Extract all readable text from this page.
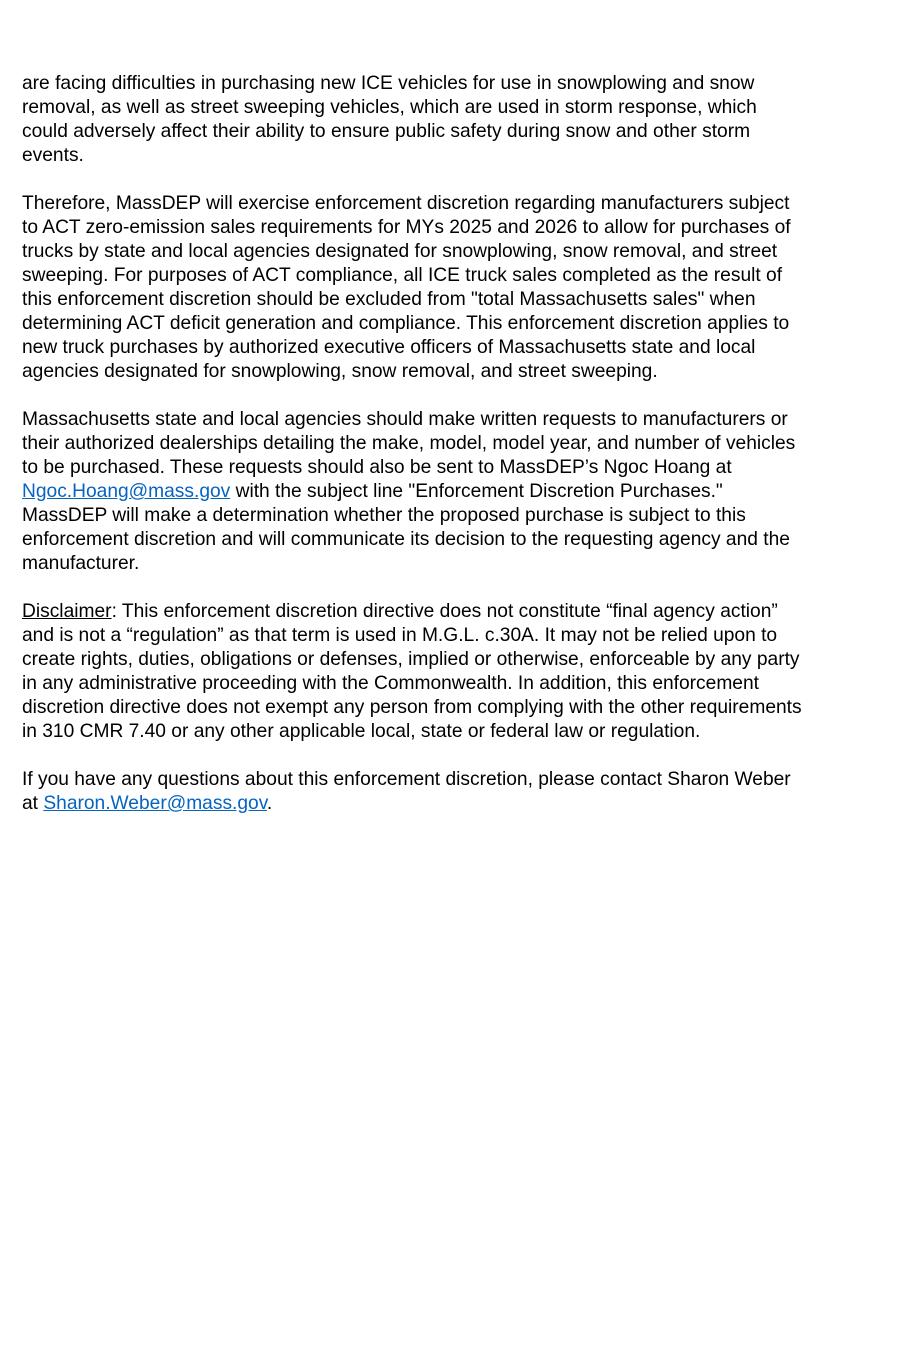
are facing difficulties in purchasing new ICE vehicles for use in snowplowing and snow
removal, as well as street sweeping vehicles, which are used in storm response, which
could adversely affect their ability to ensure public safety during snow and other storm
events.

Therefore, MassDEP will exercise enforcement discretion regarding manufacturers subject
to ACT zero-emission sales requirements for MYs 2025 and 2026 to allow for purchases of
trucks by state and local agencies designated for snowplowing, snow removal, and street
sweeping. For purposes of ACT compliance, all ICE truck sales completed as the result of
this enforcement discretion should be excluded from "total Massachusetts sales" when
determining ACT deficit generation and compliance. This enforcement discretion applies to
new truck purchases by authorized executive officers of Massachusetts state and local
agencies designated for snowplowing, snow removal, and street sweeping.

Massachusetts state and local agencies should make written requests to manufacturers or
their authorized dealerships detailing the make, model, model year, and number of vehicles
to be purchased. These requests should also be sent to MassDEP’s Ngoc Hoang at
Ngoc.Hoang@mass.gov with the subject line "Enforcement Discretion Purchases."
MassDEP will make a determination whether the proposed purchase is subject to this
enforcement discretion and will communicate its decision to the requesting agency and the
manufacturer.

Disclaimer: This enforcement discretion directive does not constitute “final agency action”
and is not a “regulation” as that term is used in M.G.L. c.30A. It may not be relied upon to
create rights, duties, obligations or defenses, implied or otherwise, enforceable by any party
in any administrative proceeding with the Commonwealth. In addition, this enforcement
discretion directive does not exempt any person from complying with the other requirements
in 310 CMR 7.40 or any other applicable local, state or federal law or regulation.

If you have any questions about this enforcement discretion, please contact Sharon Weber
at Sharon.Weber@mass.gov.
